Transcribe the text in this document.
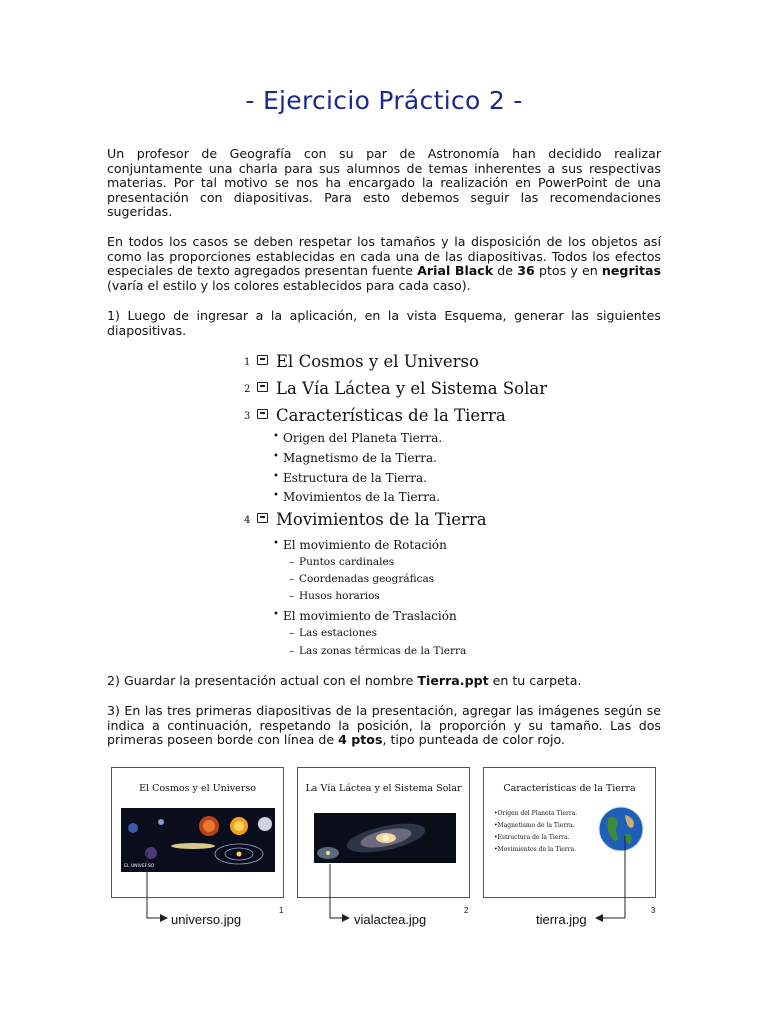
- Ejercicio Práctico 2 -

Un profesor de Geografía con su par de Astronomía han decidido realizar conjuntamente una charla para sus alumnos de temas inherentes a sus respectivas materias. Por tal motivo se nos ha encargado la realización en PowerPoint de una presentación con diapositivas. Para esto debemos seguir las recomendaciones sugeridas.

En todos los casos se deben respetar los tamaños y la disposición de los objetos así como las proporciones establecidas en cada una de las diapositivas. Todos los efectos especiales de texto agregados presentan fuente Arial Black de 36 ptos y en negritas (varía el estilo y los colores establecidos para cada caso).

1) Luego de ingresar a la aplicación, en la vista Esquema, generar las siguientes diapositivas.

1 El Cosmos y el Universo
2 La Vía Láctea y el Sistema Solar
3 Características de la Tierra
• Origen del Planeta Tierra.
• Magnetismo de la Tierra.
• Estructura de la Tierra.
• Movimientos de la Tierra.
4 Movimientos de la Tierra
• El movimiento de Rotación
– Puntos cardinales
– Coordenadas geográficas
– Husos horarios
• El movimiento de Traslación
– Las estaciones
– Las zonas térmicas de la Tierra

2) Guardar la presentación actual con el nombre Tierra.ppt en tu carpeta.

3) En las tres primeras diapositivas de la presentación, agregar las imágenes según se indica a continuación, respetando la posición, la proporción y su tamaño. Las dos primeras poseen borde con línea de 4 ptos, tipo punteada de color rojo.

El Cosmos y el Universo
EL UNIVERSO
La Vía Láctea y el Sistema Solar	Características de la Tierra
• Origen del Planeta Tierra.
• Magnetismo de la Tierra.
• Estructura de la Tierra.
• Movimientos de la Tierra.
1	2	3
universo.jpg	vialactea.jpg	tierra.jpg
